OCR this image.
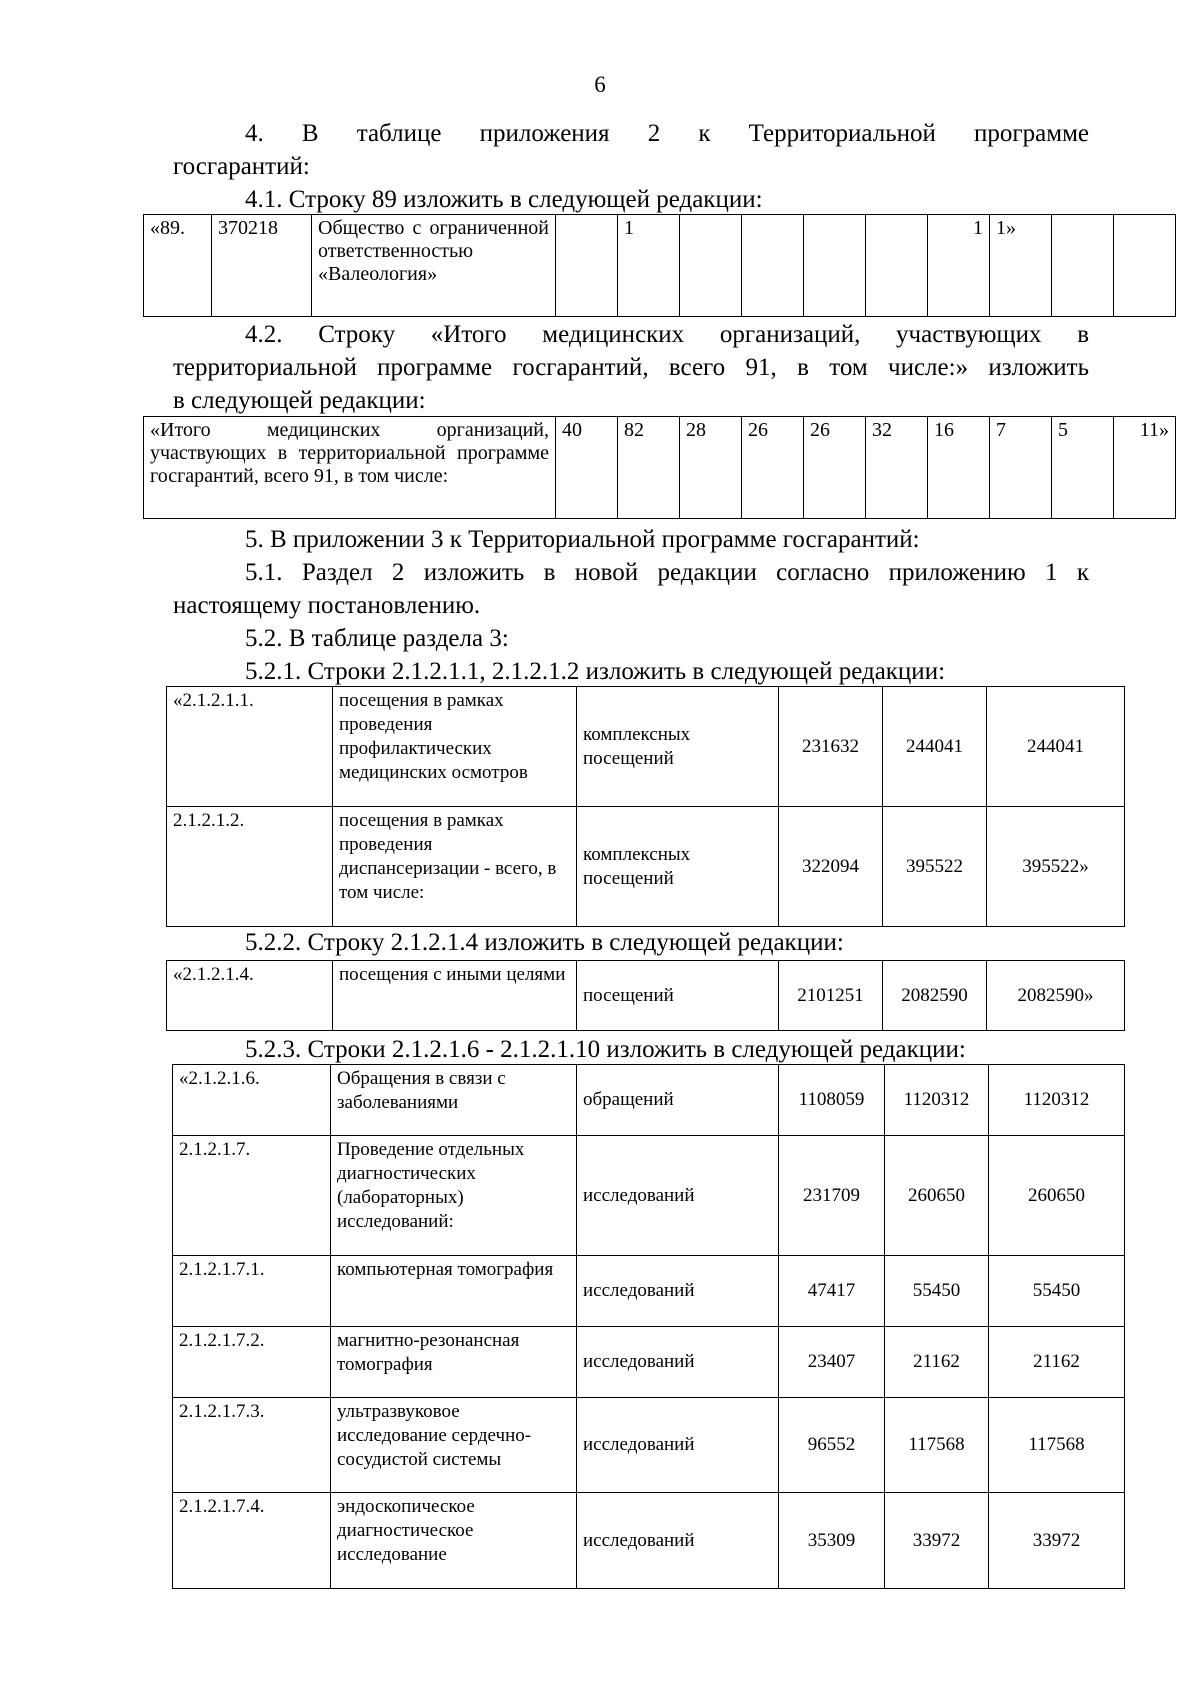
6
4. В таблице приложения 2 к Территориальной программе
госгарантий:
4.1. Строку 89 изложить в следующей редакции:
«89.	370218	Общество с ограниченной ответственностью «Валеология»		1					1	1»		
4.2. Строку «Итого медицинских организаций, участвующих в
территориальной программе госгарантий, всего 91, в том числе:» изложить
в следующей редакции:
«Итого медицинских организаций, участвующих в территориальной программе госгарантий, всего 91, в том числе:	40	82	28	26	26	32	16	7	5	11»
5. В приложении 3 к Территориальной программе госгарантий:
5.1. Раздел 2 изложить в новой редакции согласно приложению 1 к
настоящему постановлению.
5.2. В таблице раздела 3:
5.2.1. Строки 2.1.2.1.1, 2.1.2.1.2 изложить в следующей редакции:
«2.1.2.1.1.	посещения в рамках проведения профилактических медицинских осмотров	комплексных посещений	231632	244041	244041
2.1.2.1.2.	посещения в рамках проведения диспансеризации - всего, в том числе:	комплексных посещений	322094	395522	395522»
5.2.2. Строку 2.1.2.1.4 изложить в следующей редакции:
«2.1.2.1.4.	посещения с иными целями	посещений	2101251	2082590	2082590»
5.2.3. Строки 2.1.2.1.6 - 2.1.2.1.10 изложить в следующей редакции:
«2.1.2.1.6.	Обращения в связи с заболеваниями	обращений	1108059	1120312	1120312
2.1.2.1.7.	Проведение отдельных диагностических (лабораторных) исследований:	исследований	231709	260650	260650
2.1.2.1.7.1.	компьютерная томография	исследований	47417	55450	55450
2.1.2.1.7.2.	магнитно-резонансная томография	исследований	23407	21162	21162
2.1.2.1.7.3.	ультразвуковое исследование сердечно-сосудистой системы	исследований	96552	117568	117568
2.1.2.1.7.4.	эндоскопическое диагностическое исследование	исследований	35309	33972	33972
